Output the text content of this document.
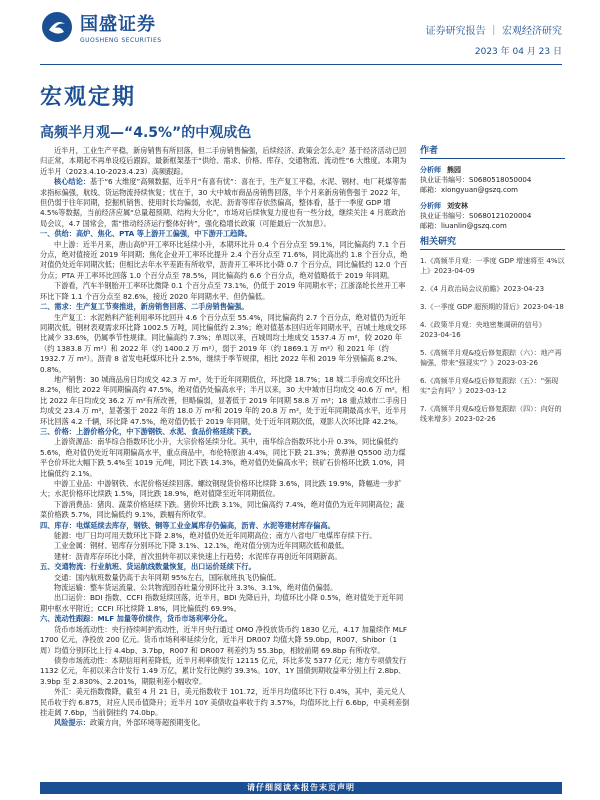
国盛证券
GUOSHENG SECURITIES
证券研究报告 ｜ 宏观经济研究
2023 年 04 月 23 日
宏观定期
高频半月观—“4.5%”的中观成色

近半月，工业生产平稳，新房销售有所回落，但二手房销售偏强，后续经济、政策会怎么走？基于经济活动已回归正常，本期起不再单设疫后跟踪，最新框架基于“供给、需求、价格、库存、交通物流、流动性”6 大维度。本期为近半月（2023.4.10-2023.4.23）高频跟踪。

核心结论：基于“6 大维度”高频数据，近半月“有喜有忧”：喜在于，生产复工平稳，水泥、钢材、电厂耗煤等需求指标偏强，航线、货运物流持续恢复；忧在于，30 大中城市商品房销售回落，半个月来新房销售强于 2022 年，但仍弱于往年同期，挖掘机销售、使用时长均偏弱，水泥、沥青等库存依然偏高，整体看，基于一季度 GDP 增 4.5%等数据，当前经济应属“总量超预期、结构大分化”，市场对后续恢复力度也有一些分歧，继续关注 4 月底政治局会议，4.7 国常会，需“推动经济运行整体好转”，强化稳增长政策（可能最后一次加息）。

一、供给：高炉、焦化、PTA 等上游开工偏强，中下游开工趋降。

中上游：近半月来，唐山高炉开工率环比延续小升，本期环比升 0.4 个百分点至 59.1%，同比偏高约 7.1 个百分点，绝对值接近 2019 年同期；焦化企业开工率环比提升 2.4 个百分点至 71.6%，同比高出约 1.8 个百分点，绝对值仍处近年同期次低；但相比去年水平差距有所收窄，沥青开工率环比小降 0.7 个百分点，同比偏低约 12.0 个百分点；PTA 开工率环比回落 1.0 个百分点至 78.5%，同比偏高约 6.6 个百分点，绝对值略低于 2019 年同期。

下游看，汽车半钢胎开工率环比微降 0.1 个百分点至 73.1%，仍低于 2019 年同期水平；江浙涤纶长丝开工率环比下降 1.1 个百分点至 82.6%，接近 2020 年同期水平、但仍偏低。

二、需求：生产复工节奏推进，新房销售回落、二手房销售偏强。

生产复工：水泥熟料产能利用率环比回升 4.6 个百分点至 55.4%，同比偏高约 2.7 个百分点，绝对值仍为近年同期次低。钢材表观需求环比降 1002.5 万吨，同比偏低约 2.3%；绝对值基本回归近年同期水平，百城土地成交环比减少 33.6%，仍属季节性规律。同比偏高约 7.3%；单周以来，百城周均土地成交 1537.4 万 m²，较 2020 年（约 1383.8 万 m²）和 2022 年（约 1400.2 万 m²），弱于 2019 年（约 1869.1 万 m²）和 2021 年（约 1932.7 万 m²）。沥青 8 省发电耗煤环比升 2.5%，继续于季节规律，相比 2022 年和 2019 年分别偏高 8.2%、0.8%。

地产销售：30 城商品房日均成交 42.3 万 m²，处于近年同期低位，环比降 18.7%；18 城二手房成交环比升 8.2%，相比 2022 年同期偏高约 47.5%，绝对值仍处偏高水平；半月以来，30 大中城市日均成交 40.6 万 m²，相比 2022 年日均成交 36.2 万 m²有所改善，但略偏弱，显著低于 2019 年同期 58.8 万 m²；18 重点城市二手房日均成交 23.4 万 m²，显著强于 2022 年的 18.0 万 m²和 2019 年的 20.8 万 m²，处于近年同期最高水平，近半月环比回落 4.2 千辆，环比降 47.5%，绝对值仍低于 2019 年同期，处于近年同期次低，观影人次环比降 42.2%。

三、价格：上游价格分化，中下游钢铁、水泥、食品价格延续下跌。

上游资源品：南华综合指数环比小升，大宗价格延续分化。其中，南华综合指数环比小升 0.3%，同比偏低约 5.6%，绝对值仍处近年同期偏高水平，重点商品中，布伦特原油 4.4%，同比下跌 21.3%；黄骅港 Q5500 动力煤平仓价环比大幅下跌 5.4%至 1019 元/吨，同比下跌 14.3%，绝对值仍处偏高水平；铁矿石价格环比跌 1.0%，同比偏低约 2.1%。

中游工业品：中游钢铁、水泥价格延续回落。螺纹钢现货价格环比续降 3.6%，同比跌 19.9%，降幅进一步扩大；水泥价格环比续跌 1.5%，同比跌 18.9%，绝对值降至近年同期低位。

下游消费品：猪肉、蔬菜价格延续下跌。猪价环比跌 3.1%，同比偏高约 7.4%，绝对值仍为近年同期高位；蔬菜价格跌 5.7%，同比偏低约 9.1%，跌幅有所收窄。

四、库存：电煤延续去库存，钢铁、铜等工业金属库存仍偏高，沥青、水泥等建材库存偏高。

能源：电厂日均可用天数环比下降 2.8%，绝对值仍处近年同期高位；南方八省电厂电煤库存续下行。

工业金属：钢材、铝库存分别环比下降 3.1%、12.1%，绝对值分别为近年同期次低和最低。

建材：沥青库存环比小降，首次扭转年初以来快速上行趋势；水泥库存再创近年同期新高。

五、交通物流：行业航班、货运航线数量恢复，出口运价延续下行。

交通：国内航班数量仍高于去年同期 95%左右，国际航班执飞仍偏低。

物流运输：整车货运流量、公共物流园吞吐量分别环比升 3.3%、3.1%，绝对值仍偏弱。

出口运价：BDI 指数、CCFI 指数延续回落，近半月，BDI 先降后升，均值环比小降 0.5%，绝对值处于近年同期中枢水平附近；CCFI 环比续降 1.8%，同比偏低约 69.9%。

六、流动性跟踪：MLF 加量等价续作，货币市场利率分化。

货币市场流动性：央行持续呵护流动性，近半月央行通过 OMO 净投放货币约 1830 亿元，4.17 加量续作 MLF 1700 亿元，净投放 200 亿元。货币市场利率延续分化，近半月 DR007 均值大降 59.0bp，R007、Shibor（1 周）均值分别环比上行 4.4bp、3.7bp，R007 和 DR007 利差约为 55.3bp，相较前期 69.8bp 有所收窄。

债券市场流动性：本期信用利差降低，近半月利率债发行 12115 亿元，环比多发 5377 亿元；地方专项债发行 1132 亿元，年初以来合计发行 1.49 万亿，累计发行比例约 39.3%。10Y、1Y 国债到期收益率分别上行 2.8bp、3.9bp 至 2.830%、2.201%，期限利差小幅收窄。

外汇：美元指数微降，截至 4 月 21 日，美元指数收于 101.72，近半月均值环比下行 0.4%，其中，美元兑人民币收于约 6.875，对应人民币值降升；近半月 10Y 美债收益率收于约 3.57%，均值环比上行 6.6bp，中美利差倒挂走阔 7.6bp，当前倒挂约 74.0bp。

风险提示：政策方向，外部环境等超预期变化。

作者
分析师 熊园
执业证书编号： S0680518050004
邮箱： xiongyuan@gszq.com
分析师 刘安林
执业证书编号： S0680121020004
邮箱： liuanlin@gszq.com
相关研究
1.《高频半月观：一季度 GDP 增速将至 4%以上》2023-04-09
2.《4 月政治局会议前瞻》2023-04-23
3.《一季度 GDP 超预期的背后》2023-04-18
4.《政策半月观：央地密集调研的信号》2023-04-16
5.《高频半月观&疫后修复跟踪（六）：地产再偏强，带来“强现实”？》2023-03-26
6.《高频半月观&疫后修复跟踪（五）：“强现实”会有吗？》2023-03-12
7.《高频半月观&疫后修复跟踪（四）：向好的线来增多》2023-02-26
请仔细阅读本报告末页声明
